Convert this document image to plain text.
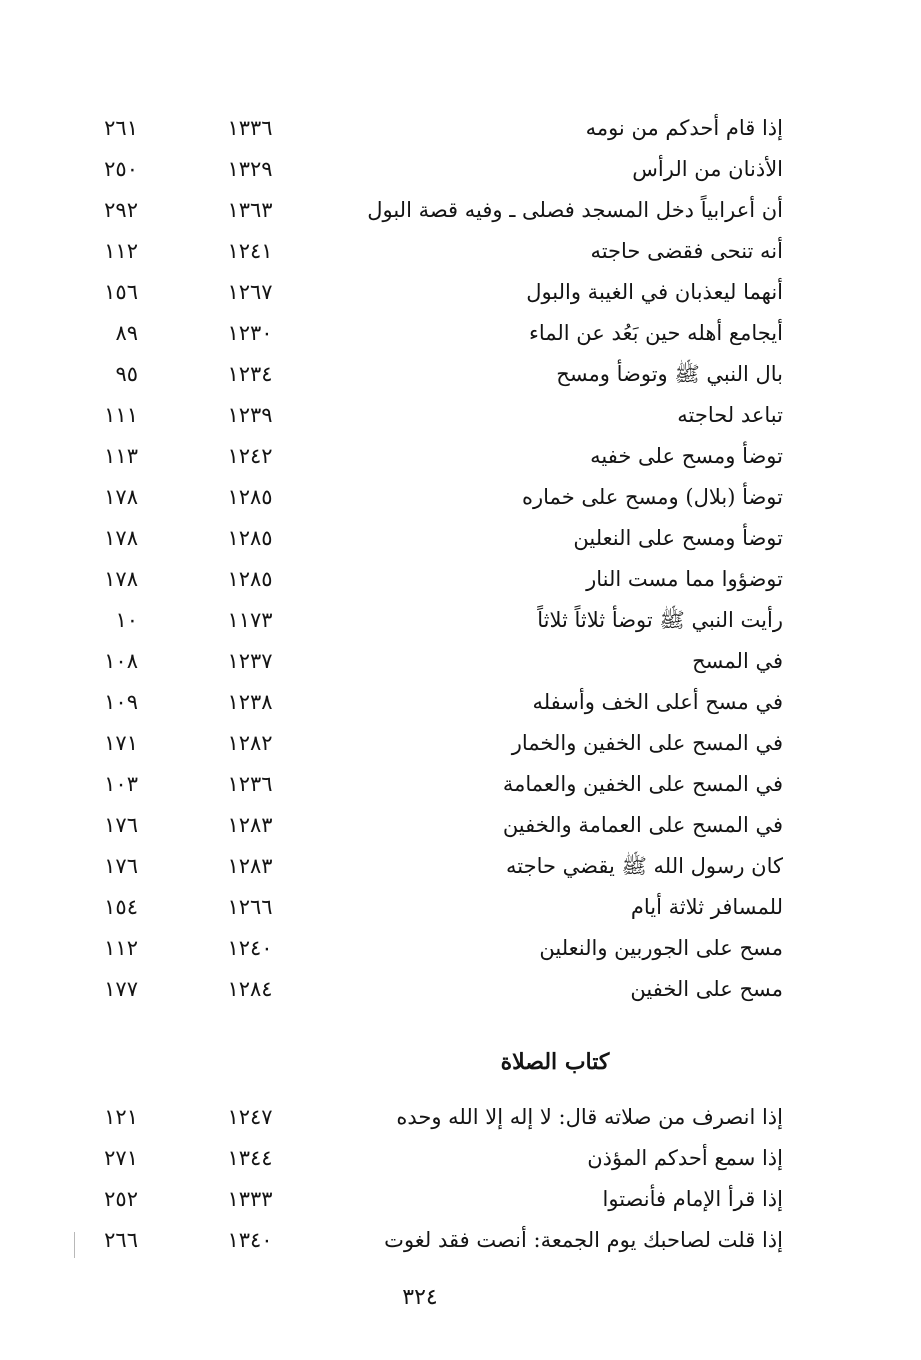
إذا قام أحدكم من نومه
١٣٣٦
٢٦١
الأذنان من الرأس
١٣٢٩
٢٥٠
أن أعرابياً دخل المسجد فصلى ـ وفيه قصة البول
١٣٦٣
٢٩٢
أنه تنحى فقضى حاجته
١٢٤١
١١٢
أنهما ليعذبان في الغيبة والبول
١٢٦٧
١٥٦
أيجامع أهله حين بَعُد عن الماء
١٢٣٠
٨٩
بال النبي ﷺ وتوضأ ومسح
١٢٣٤
٩٥
تباعد لحاجته
١٢٣٩
١١١
توضأ ومسح على خفيه
١٢٤٢
١١٣
توضأ (بلال) ومسح على خماره
١٢٨٥
١٧٨
توضأ ومسح على النعلين
١٢٨٥
١٧٨
توضؤوا مما مست النار
١٢٨٥
١٧٨
رأيت النبي ﷺ توضأ ثلاثاً ثلاثاً
١١٧٣
١٠
في المسح
١٢٣٧
١٠٨
في مسح أعلى الخف وأسفله
١٢٣٨
١٠٩
في المسح على الخفين والخمار
١٢٨٢
١٧١
في المسح على الخفين والعمامة
١٢٣٦
١٠٣
في المسح على العمامة والخفين
١٢٨٣
١٧٦
كان رسول الله ﷺ يقضي حاجته
١٢٨٣
١٧٦
للمسافر ثلاثة أيام
١٢٦٦
١٥٤
مسح على الجوربين والنعلين
١٢٤٠
١١٢
مسح على الخفين
١٢٨٤
١٧٧
كتاب الصلاة
إذا انصرف من صلاته قال: لا إله إلا الله وحده
١٢٤٧
١٢١
إذا سمع أحدكم المؤذن
١٣٤٤
٢٧١
إذا قرأ الإمام فأنصتوا
١٣٣٣
٢٥٢
إذا قلت لصاحبك يوم الجمعة: أنصت فقد لغوت
١٣٤٠
٢٦٦
٣٢٤
